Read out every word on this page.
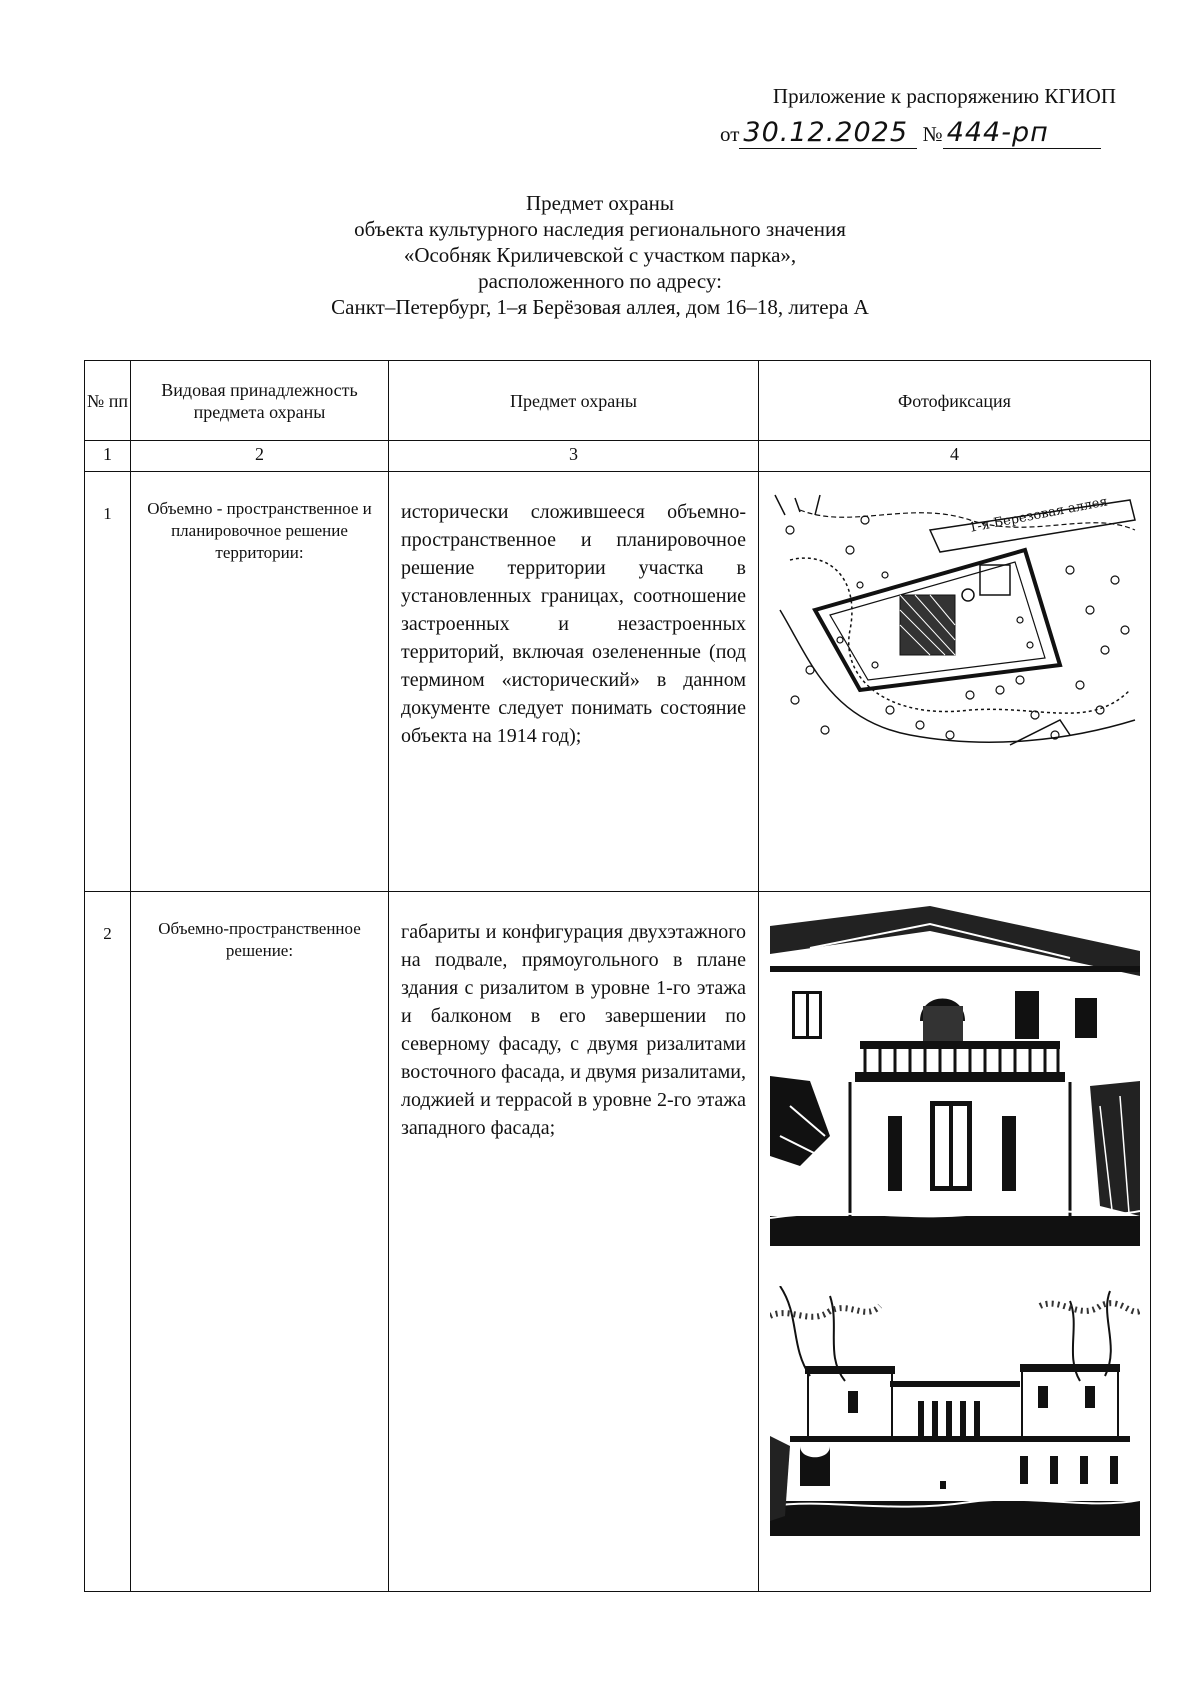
Приложение к распоряжению КГИОП
от 30.12.2025 № 444-рп
Предмет охраны
объекта культурного наследия регионального значения
«Особняк Криличевской с участком парка»,
расположенного по адресу:
Санкт–Петербург, 1–я Берёзовая аллея, дом 16–18, литера А
№ пп	Видовая принадлежность предмета охраны	Предмет охраны	Фотофиксация
1	2	3	4
1	Объемно - пространственное и планировочное решение территории:	исторически сложившееся объемно-пространственное и планировочное решение территории участка в установленных границах, соотношение застроенных и незастроенных территорий, включая озелененные (под термином «исторический» в данном документе следует понимать состояние объекта на 1914 год);	1-я Березовая аллея

2	Объемно-пространственное решение:	габариты и конфигурация двухэтажного на подвале, прямоугольного в плане здания с ризалитом в уровне 1-го этажа и балконом в его завершении по северному фасаду, с двумя ризалитами восточного фасада, и двумя ризалитами, лоджией и террасой в уровне 2-го этажа западного фасада;	
